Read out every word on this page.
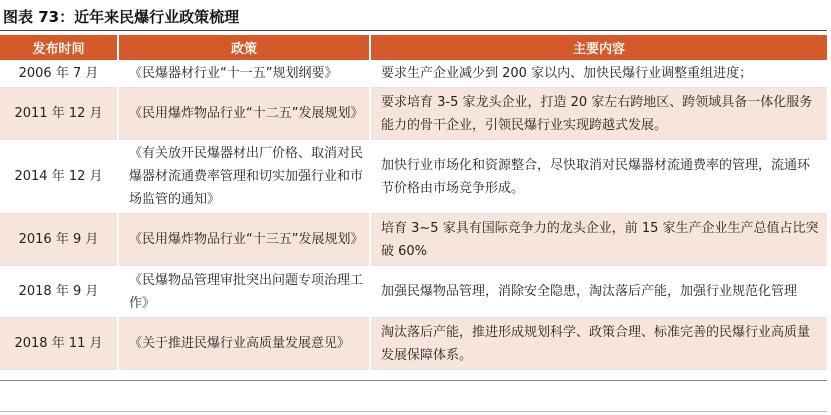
图表 73：近年来民爆行业政策梳理
发布时间	政策	主要内容
2006 年 7 月	《民爆器材行业“十一五”规划纲要》	要求生产企业减少到 200 家以内、加快民爆行业调整重组进度；
2011 年 12 月	《民用爆炸物品行业“十二五”发展规划》	要求培育 3-5 家龙头企业，打造 20 家左右跨地区、跨领域具备一体化服务能力的骨干企业，引领民爆行业实现跨越式发展。
2014 年 12 月	《有关放开民爆器材出厂价格、取消对民爆器材流通费率管理和切实加强行业和市场监管的通知》	加快行业市场化和资源整合，尽快取消对民爆器材流通费率的管理，流通环节价格由市场竞争形成。
2016 年 9 月	《民用爆炸物品行业“十三五”发展规划》	培育 3~5 家具有国际竞争力的龙头企业，前 15 家生产企业生产总值占比突破 60%
2018 年 9 月	《民爆物品管理审批突出问题专项治理工作》	加强民爆物品管理，消除安全隐患，淘汰落后产能，加强行业规范化管理
2018 年 11 月	《关于推进民爆行业高质量发展意见》	淘汰落后产能，推进形成规划科学、政策合理、标准完善的民爆行业高质量发展保障体系。
